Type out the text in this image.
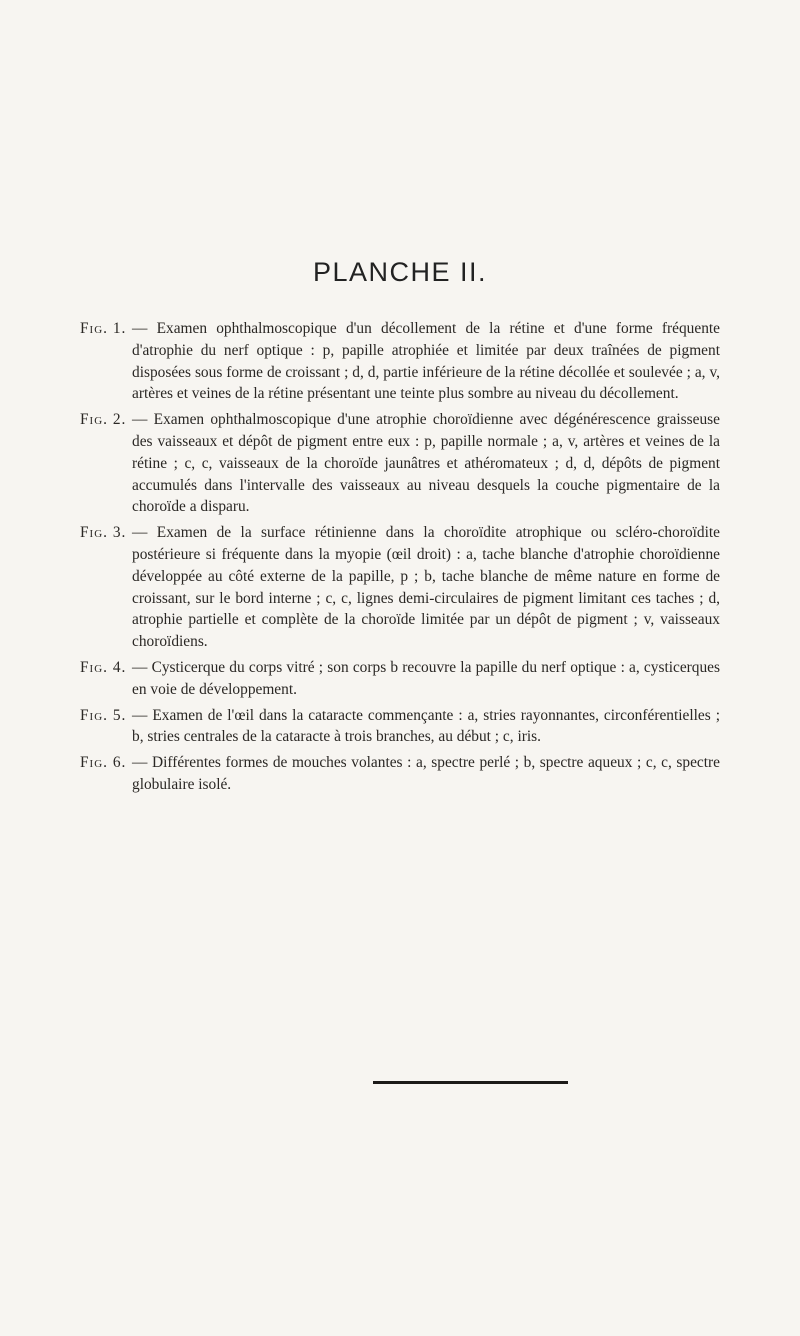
PLANCHE II.
Fig. 1. — Examen ophthalmoscopique d'un décollement de la rétine et d'une forme fréquente d'atrophie du nerf optique : p, papille atrophiée et limitée par deux traînées de pigment disposées sous forme de croissant ; d, d, partie inférieure de la rétine décollée et soulevée ; a, v, artères et veines de la rétine présentant une teinte plus sombre au niveau du décollement.
Fig. 2. — Examen ophthalmoscopique d'une atrophie choroïdienne avec dégénérescence graisseuse des vaisseaux et dépôt de pigment entre eux : p, papille normale ; a, v, artères et veines de la rétine ; c, c, vaisseaux de la choroïde jaunâtres et athéromateux ; d, d, dépôts de pigment accumulés dans l'intervalle des vaisseaux au niveau desquels la couche pigmentaire de la choroïde a disparu.
Fig. 3. — Examen de la surface rétinienne dans la choroïdite atrophique ou scléro-choroïdite postérieure si fréquente dans la myopie (œil droit) : a, tache blanche d'atrophie choroïdienne développée au côté externe de la papille, p ; b, tache blanche de même nature en forme de croissant, sur le bord interne ; c, c, lignes demi-circulaires de pigment limitant ces taches ; d, atrophie partielle et complète de la choroïde limitée par un dépôt de pigment ; v, vaisseaux choroïdiens.
Fig. 4. — Cysticerque du corps vitré ; son corps b recouvre la papille du nerf optique : a, cysticerques en voie de développement.
Fig. 5. — Examen de l'œil dans la cataracte commençante : a, stries rayonnantes, circonférentielles ; b, stries centrales de la cataracte à trois branches, au début ; c, iris.
Fig. 6. — Différentes formes de mouches volantes : a, spectre perlé ; b, spectre aqueux ; c, c, spectre globulaire isolé.
